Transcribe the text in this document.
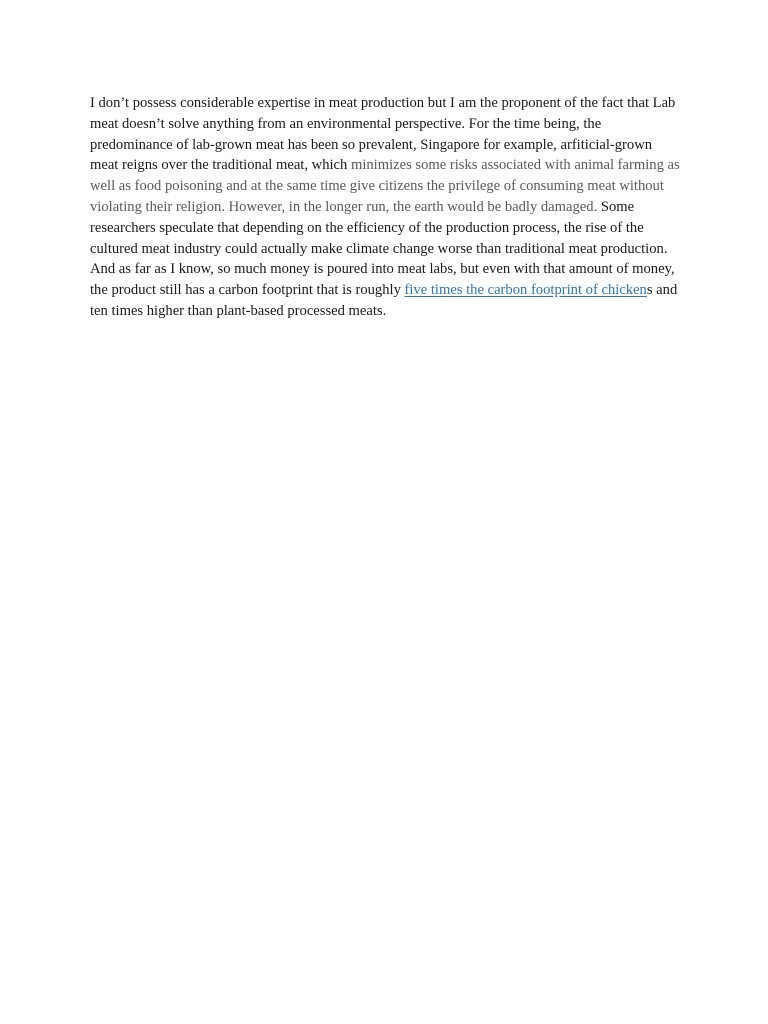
I don’t possess considerable expertise in meat production but I am the proponent of the fact that Lab meat doesn’t solve anything from an environmental perspective. For the time being, the predominance of lab-grown meat has been so prevalent, Singapore for example, arfiticial-grown meat reigns over the traditional meat, which minimizes some risks associated with animal farming as well as food poisoning and at the same time give citizens the privilege of consuming meat without violating their religion. However, in the longer run, the earth would be badly damaged. Some researchers speculate that depending on the efficiency of the production process, the rise of the cultured meat industry could actually make climate change worse than traditional meat production. And as far as I know, so much money is poured into meat labs, but even with that amount of money, the product still has a carbon footprint that is roughly five times the carbon footprint of chickens and ten times higher than plant-based processed meats.
